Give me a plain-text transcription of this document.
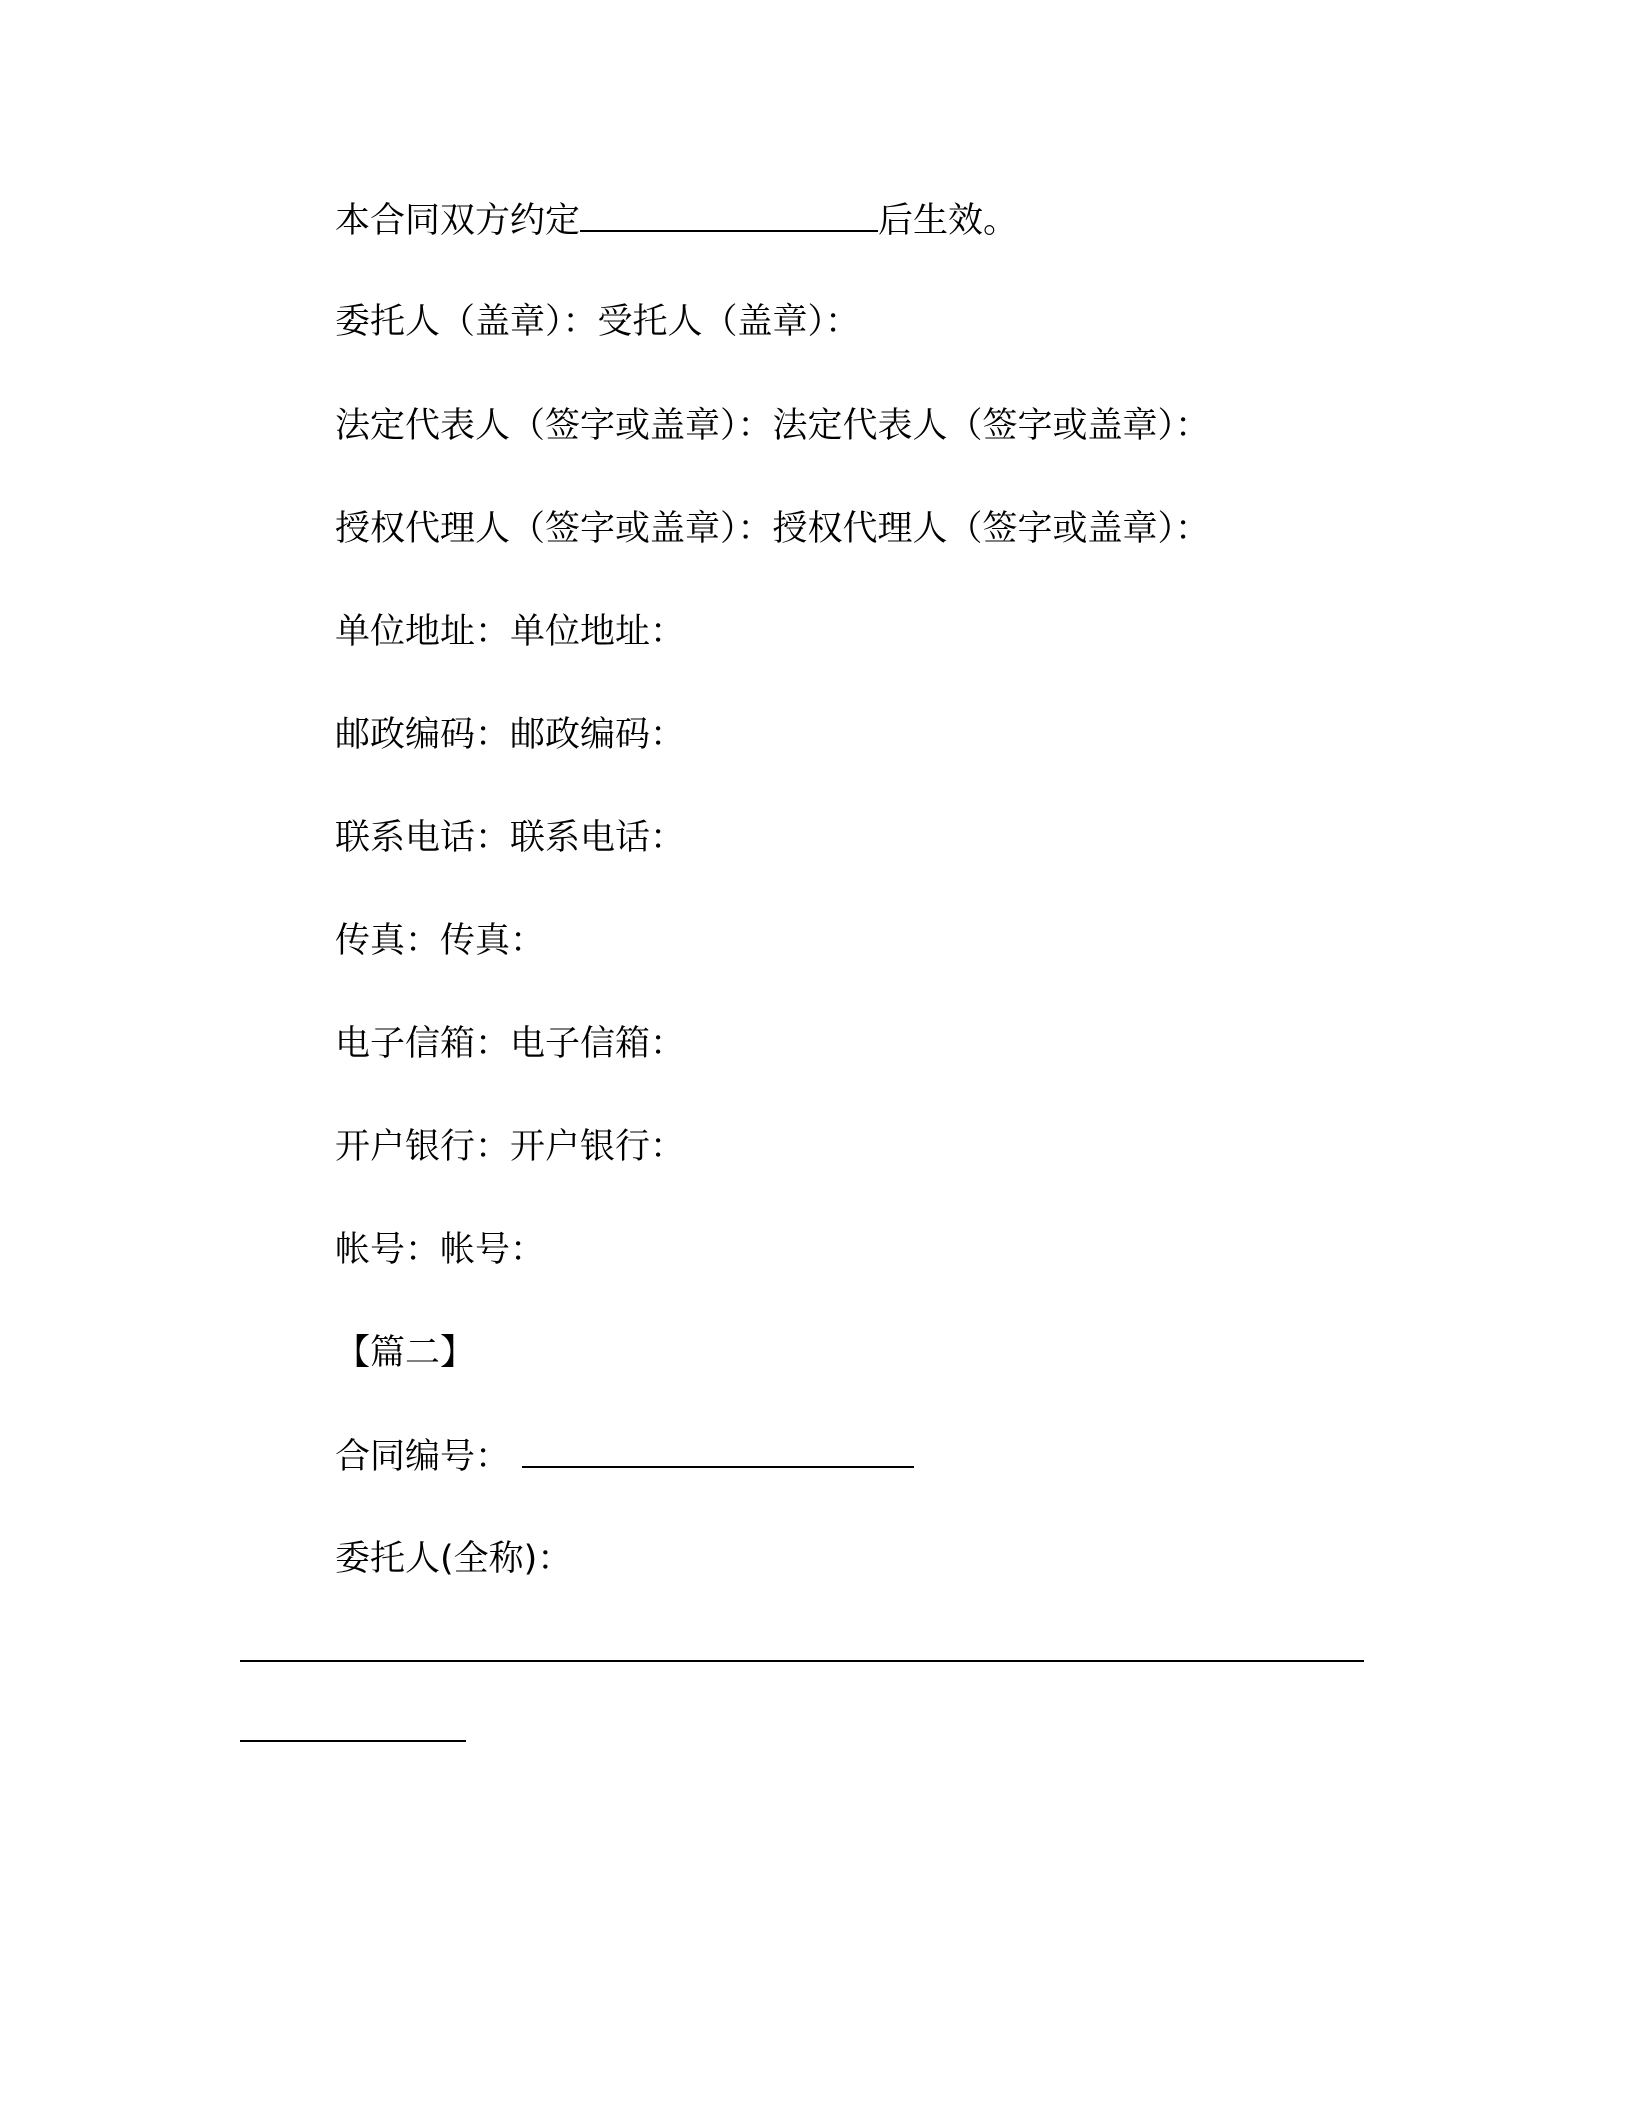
本合同双方约定	后生效。
委托人（盖章）：受托人（盖章）：
法定代表人（签字或盖章）：法定代表人（签字或盖章）：
授权代理人（签字或盖章）：授权代理人（签字或盖章）：
单位地址：单位地址：
邮政编码：邮政编码：
联系电话：联系电话：
传真：传真：
电子信箱：电子信箱：
开户银行：开户银行：
帐号：帐号：
【篇二】
合同编号：
委托人(全称)：
